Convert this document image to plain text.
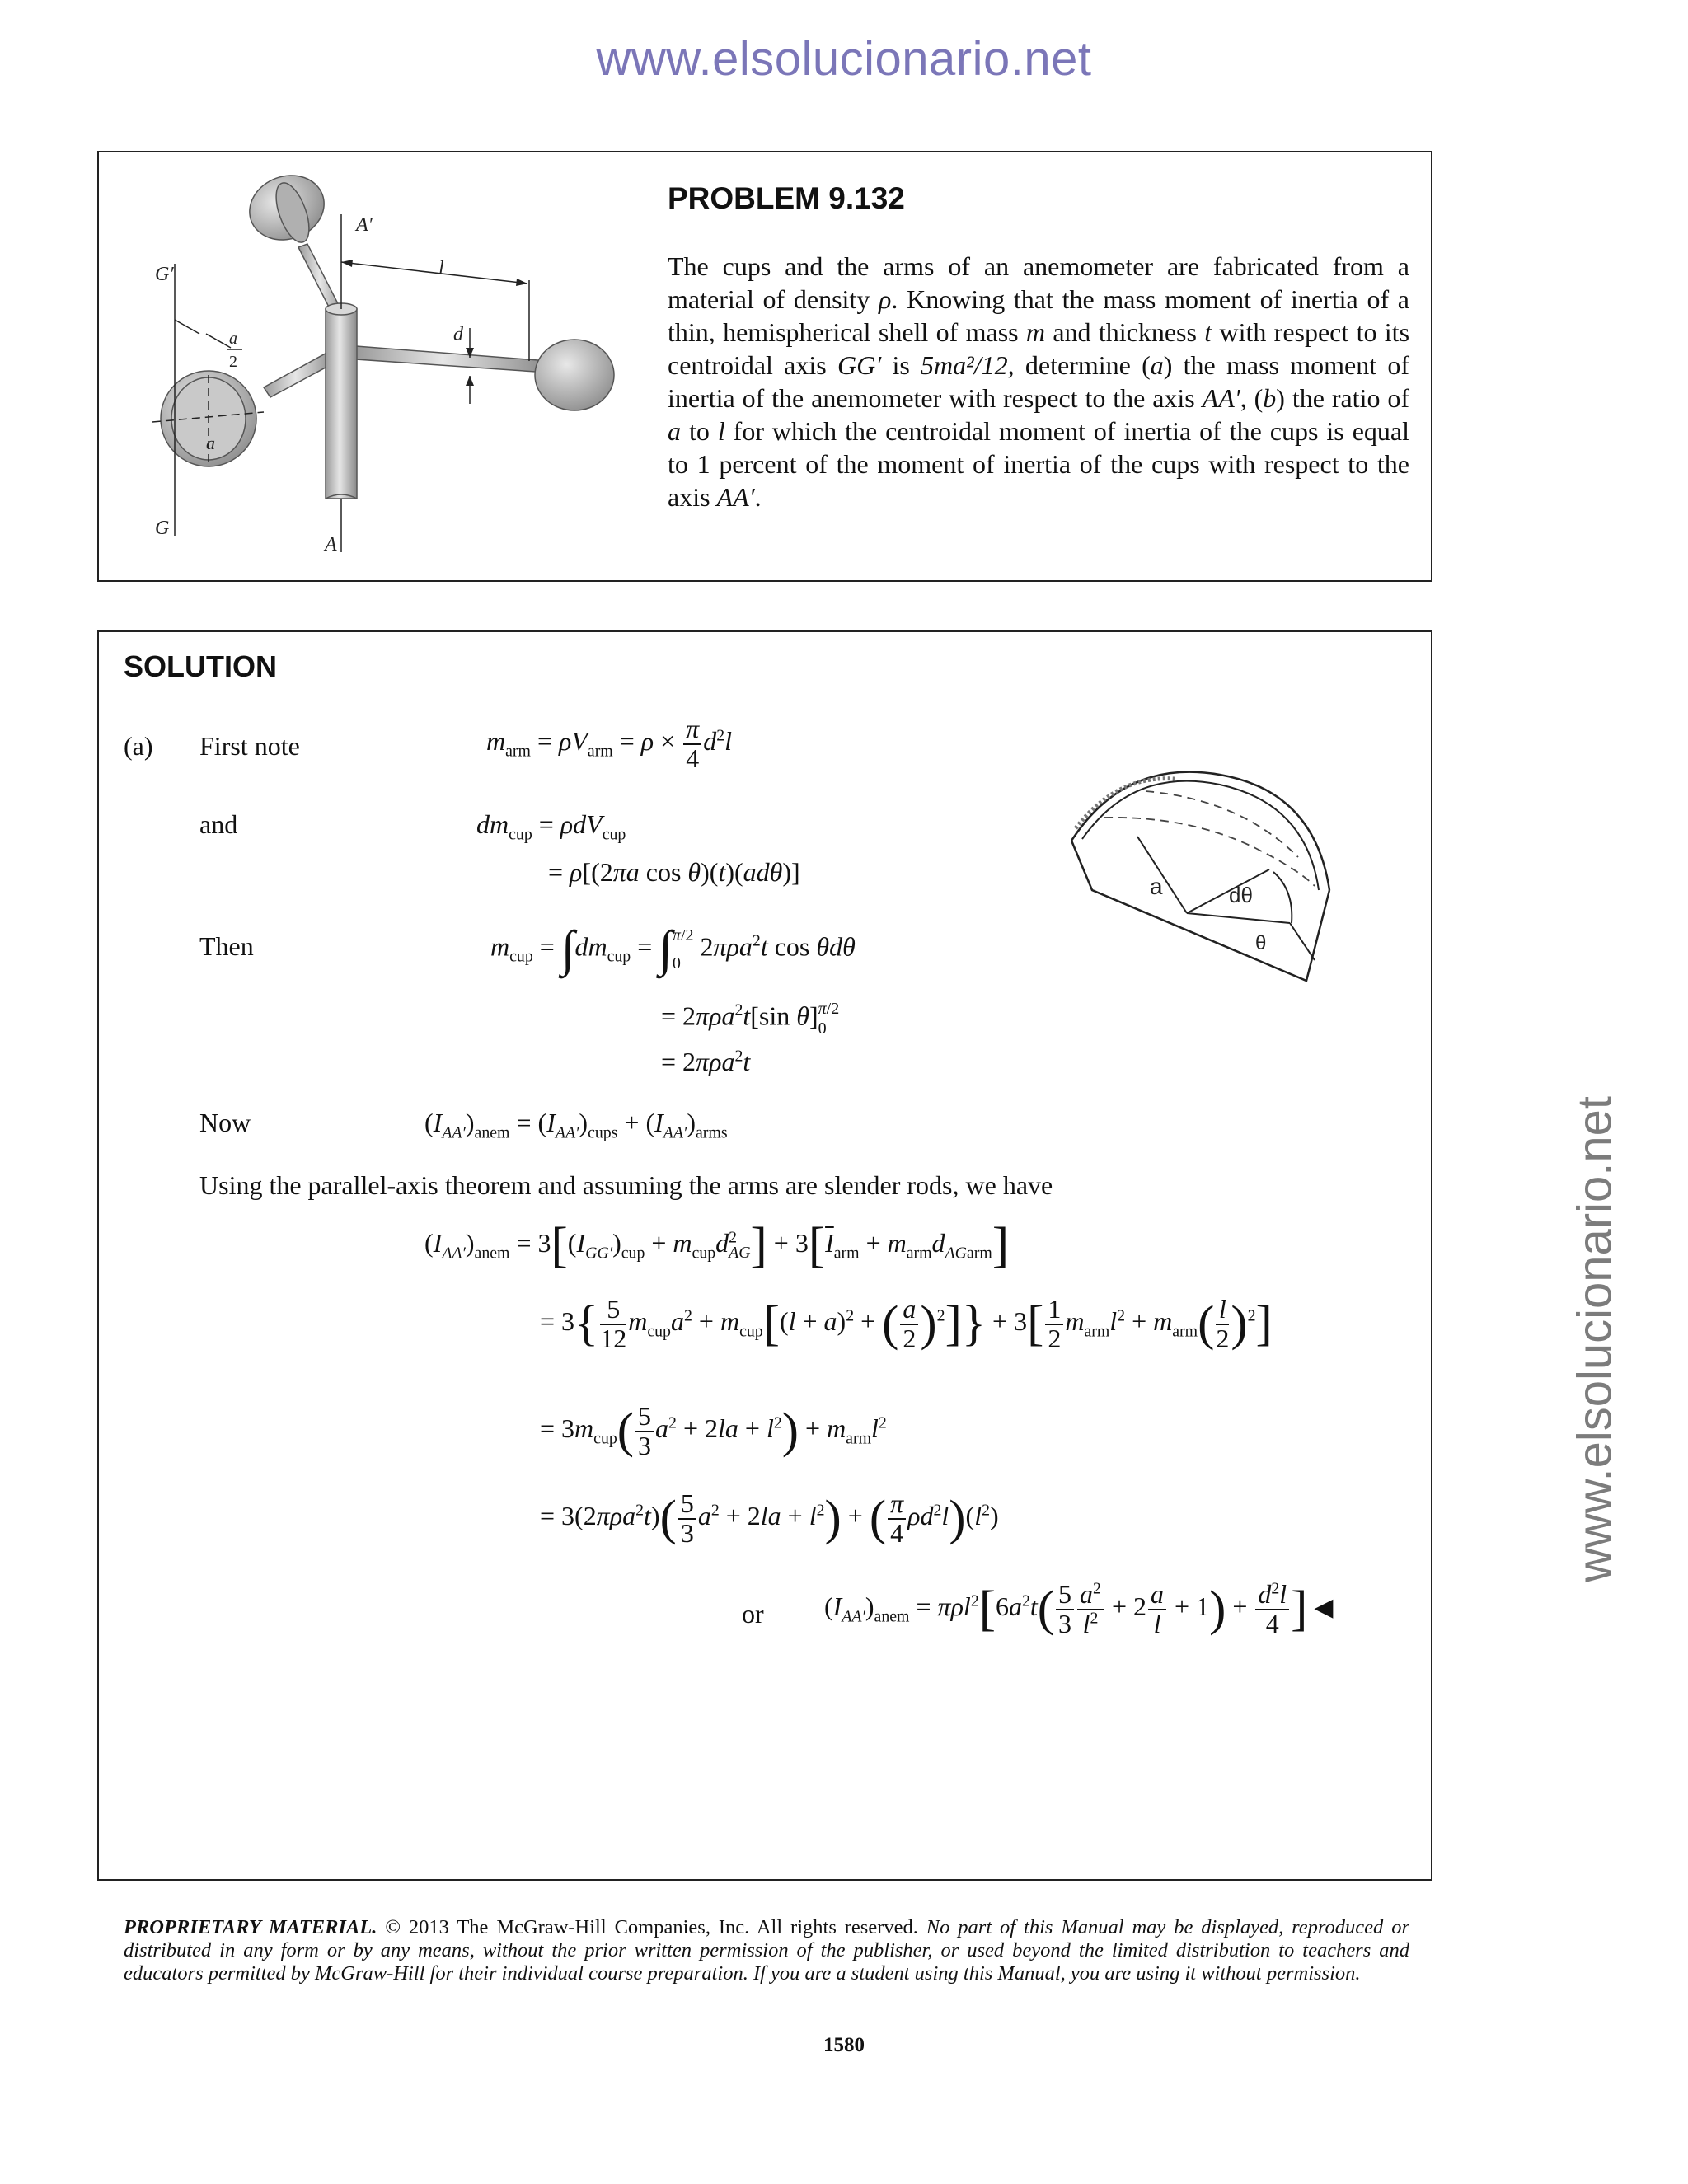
www.elsolucionario.net
www.elsolucionario.net
A′
A
G′
G
l
d
a
a
2
PROBLEM 9.132
The cups and the arms of an anemometer are fabricated from a material of density ρ. Knowing that the mass moment of inertia of a thin, hemispherical shell of mass m and thickness t with respect to its centroidal axis GG′ is 5ma²/12, determine (a) the mass moment of inertia of the anemometer with respect to the axis AA′, (b) the ratio of a to l for which the centroidal moment of inertia of the cups is equal to 1 percent of the moment of inertia of the cups with respect to the axis AA′.
SOLUTION
a	dθ
θ
(a) First note
and
Then
Now
Using the parallel-axis theorem and assuming the arms are slender rods, we have
or
$m_{arm} = \rho V_{arm} = \rho \times \frac{\pi}{4} d^2l$
$dm_{cup} = \rho dV_{cup}$
= ρ[(2πa cos θ)(t)(adθ)]
$m_{cup} = \int dm_{cup} = \int\pi/2$
0 2πρa$^2$t cos θdθ
= 2πρa$^2$t[sin θ]π/2
0
= 2πρa$^2$t
$(I_{AA'})_{anem} = (I_{AA'})_{cups} + (I_{AA'})_{arms}$
$(I_{AA'})_{anem} = 3[(I_{GG'})_{cup} + m_{cup}d^2_{AG}] + 3[\overline{I}_{arm} + m_{arm}d_{AGarm}]$
= $3\{ \frac{5}{12} m_{cup}a^2 + m_{cup}[(l + a)^2$ + ( $\frac{a}{2} )^2]\} + 3[ \frac{1}{2} m_{arm}l^2 + m_{arm}( \frac{l}{2} )^2]$
= $3m_{cup}( \frac{5}{3} a^2 + 2la + l^2) + m_{arm}l^2$
= $3(2\pi\rho a^2t)( \frac{5}{3} a^2 + 2la + l^2)$ + ( $\frac{\pi}{4} \rho d^2l)(l^2)$
$(I_{AA'})_{anem} = \pi\rho l^2[6a^2t( \frac{5}{3} \frac{a^2}{l^2} + 2 \frac{a}{l} + 1) + \frac{d^2l}{4}$ ] ◀
PROPRIETARY MATERIAL. © 2013 The McGraw-Hill Companies, Inc. All rights reserved. No part of this Manual may be displayed, reproduced or distributed in any form or by any means, without the prior written permission of the publisher, or used beyond the limited distribution to teachers and educators permitted by McGraw-Hill for their individual course preparation. If you are a student using this Manual, you are using it without permission.
1580
